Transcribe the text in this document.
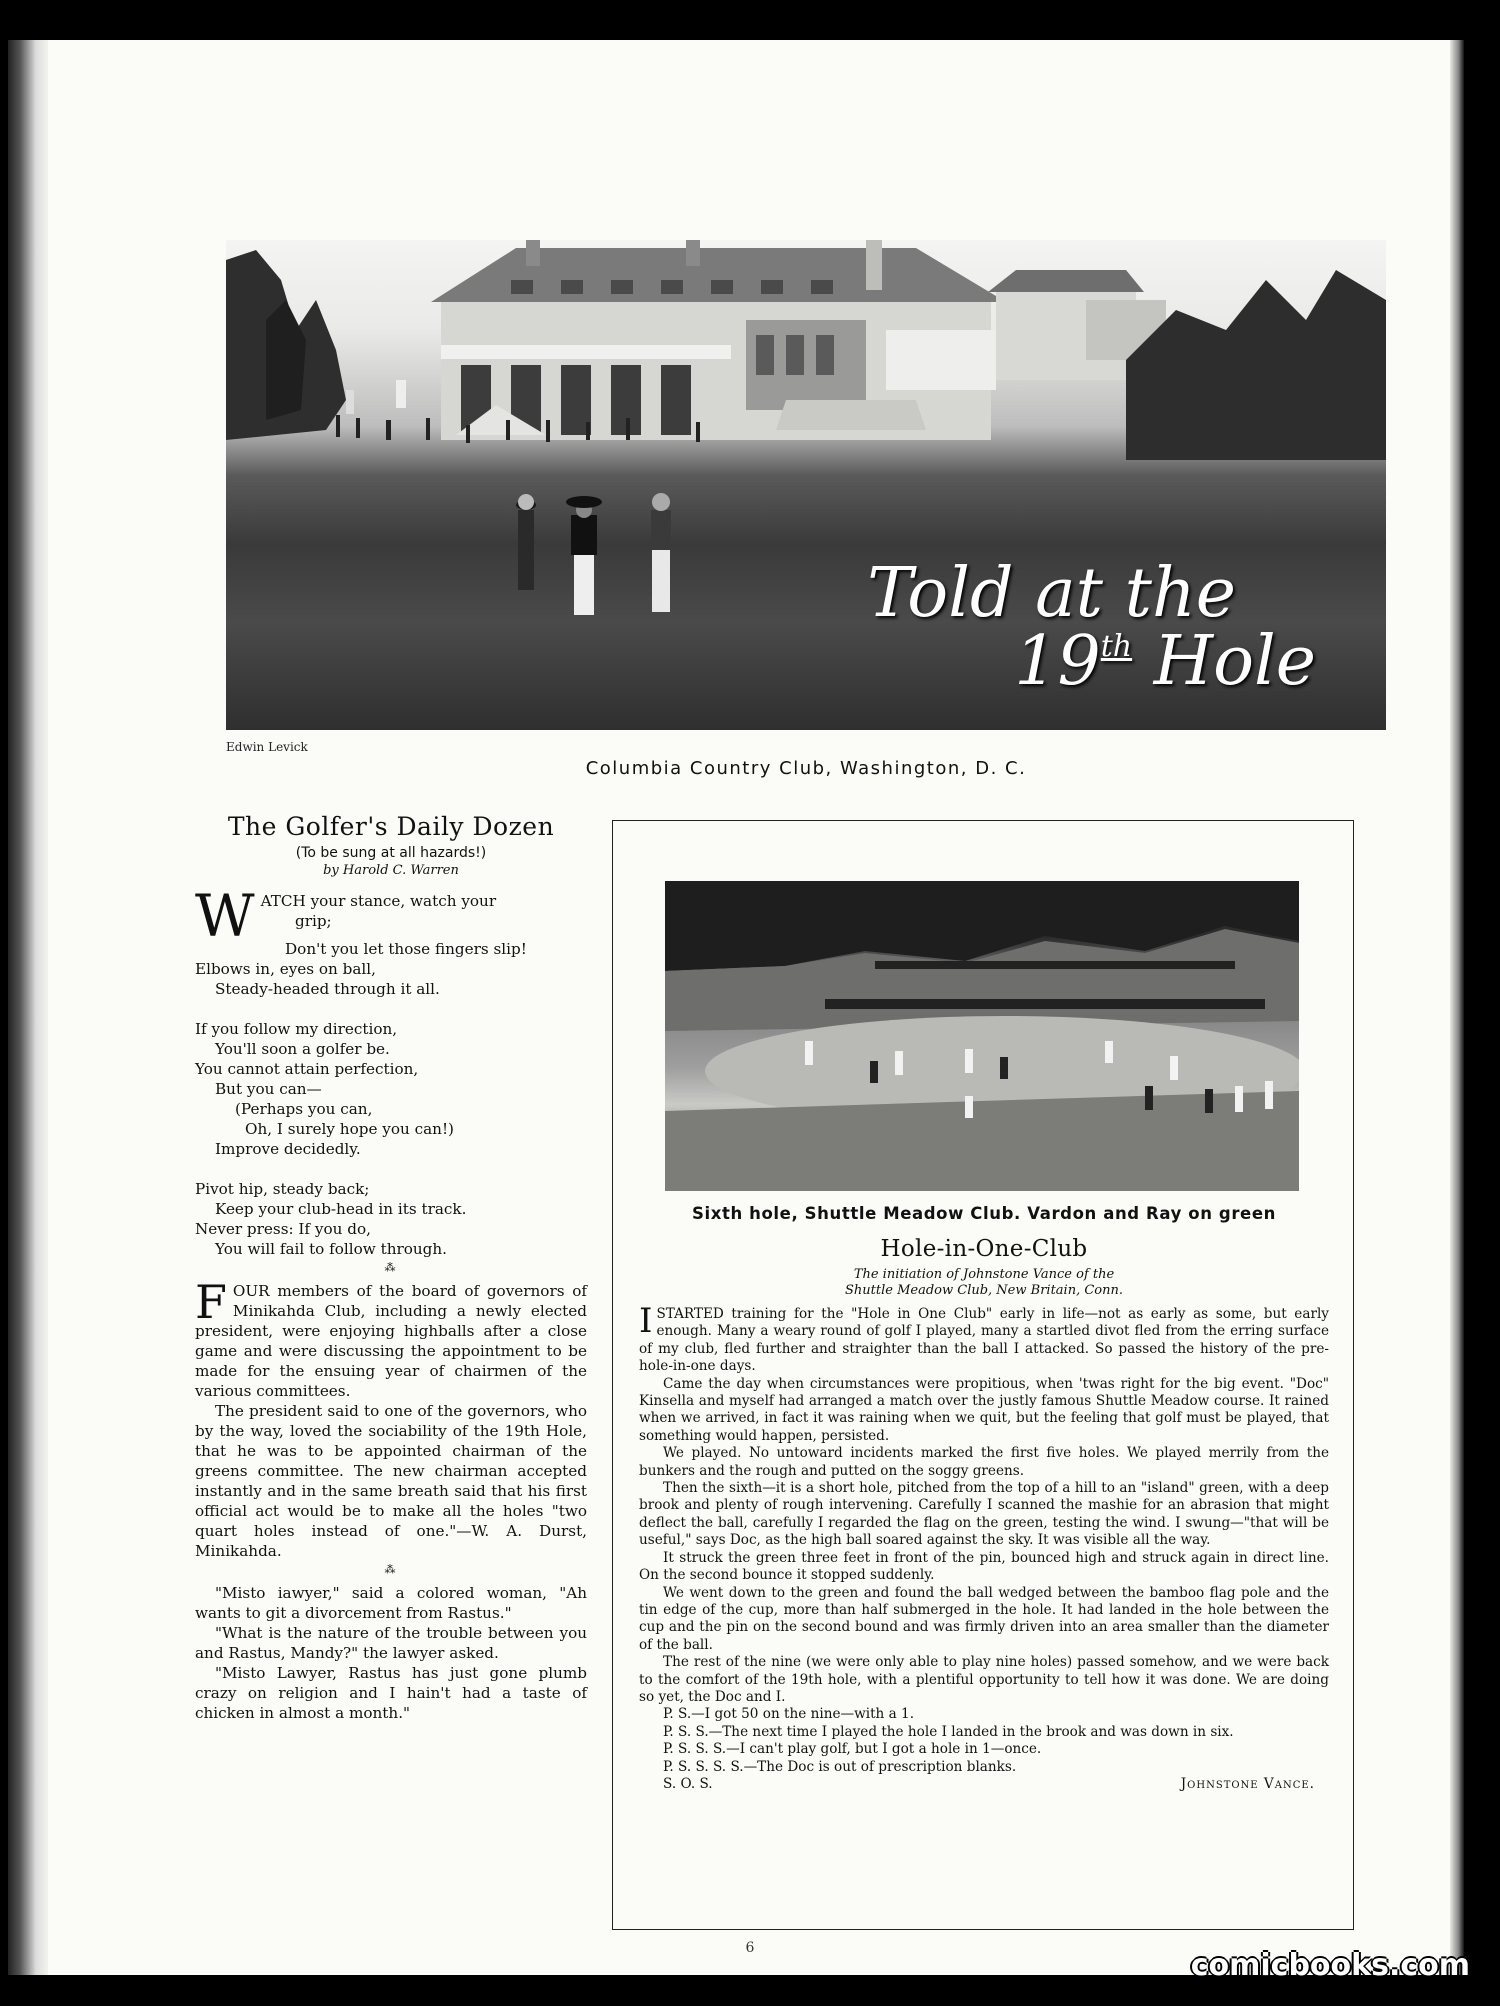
Told at the
19th Hole
Edwin Levick
Columbia Country Club, Washington, D. C.
The Golfer's Daily Dozen
(To be sung at all hazards!)
by Harold C. Warren
W ATCH your stance, watch your
grip;
Don't you let those fingers slip!
Elbows in, eyes on ball,
Steady-headed through it all.
If you follow my direction,
You'll soon a golfer be.
You cannot attain perfection,
But you can—
(Perhaps you can,
Oh, I surely hope you can!)
Improve decidedly.
Pivot hip, steady back;
Keep your club-head in its track.
Never press: If you do,
You will fail to follow through.
⁂
F OUR members of the board of governors of Minikahda Club, including a newly elected president, were enjoying highballs after a close game and were discussing the appointment to be made for the ensuing year of chairmen of the various committees.

The president said to one of the governors, who by the way, loved the sociability of the 19th Hole, that he was to be appointed chairman of the greens committee. The new chairman accepted instantly and in the same breath said that his first official act would be to make all the holes "two quart holes instead of one."—W. A. Durst, Minikahda.

⁂

"Misto iawyer," said a colored woman, "Ah wants to git a divorcement from Rastus."

"What is the nature of the trouble between you and Rastus, Mandy?" the lawyer asked.

"Misto Lawyer, Rastus has just gone plumb crazy on religion and I hain't had a taste of chicken in almost a month."

Sixth hole, Shuttle Meadow Club. Vardon and Ray on green
Hole-in-One-Club
The initiation of Johnstone Vance of the
Shuttle Meadow Club, New Britain, Conn.
ISTARTED training for the "Hole in One Club" early in life—not as early as some, but early enough. Many a weary round of golf I played, many a startled divot fled from the erring surface of my club, fled further and straighter than the ball I attacked. So passed the history of the pre-hole-in-one days.
Came the day when circumstances were propitious, when 'twas right for the big event. "Doc" Kinsella and myself had arranged a match over the justly famous Shuttle Meadow course. It rained when we arrived, in fact it was raining when we quit, but the feeling that golf must be played, that something would happen, persisted.
We played. No untoward incidents marked the first five holes. We played merrily from the bunkers and the rough and putted on the soggy greens.
Then the sixth—it is a short hole, pitched from the top of a hill to an "island" green, with a deep brook and plenty of rough intervening. Carefully I scanned the mashie for an abrasion that might deflect the ball, carefully I regarded the flag on the green, testing the wind. I swung—"that will be useful," says Doc, as the high ball soared against the sky. It was visible all the way.
It struck the green three feet in front of the pin, bounced high and struck again in direct line. On the second bounce it stopped suddenly.
We went down to the green and found the ball wedged between the bamboo flag pole and the tin edge of the cup, more than half submerged in the hole. It had landed in the hole between the cup and the pin on the second bound and was firmly driven into an area smaller than the diameter of the ball.
The rest of the nine (we were only able to play nine holes) passed somehow, and we were back to the comfort of the 19th hole, with a plentiful opportunity to tell how it was done. We are doing so yet, the Doc and I.
P. S.—I got 50 on the nine—with a 1.
P. S. S.—The next time I played the hole I landed in the brook and was down in six.
P. S. S. S.—I can't play golf, but I got a hole in 1—once.
P. S. S. S. S.—The Doc is out of prescription blanks.
S. O. S.	Johnstone Vance.
6	comicbooks.com
